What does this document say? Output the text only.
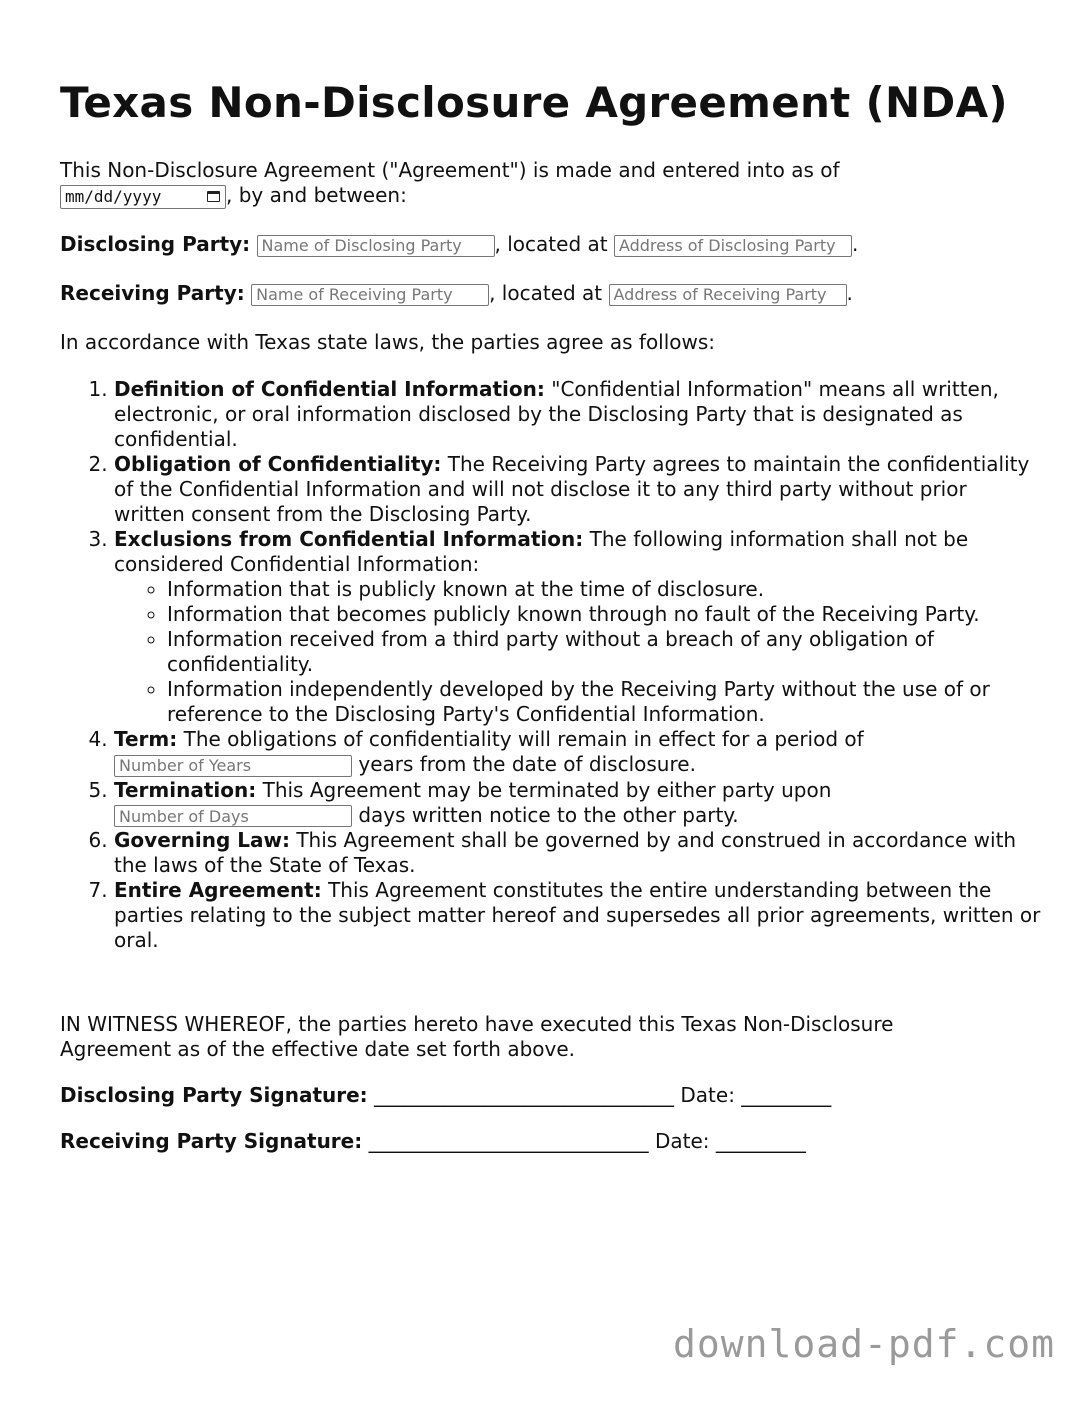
Texas Non-Disclosure Agreement (NDA)
This Non-Disclosure Agreement ("Agreement") is made and entered into as of
mm/dd/yyyy	, by and between:
Disclosing Party: Name of Disclosing Party	, located at Address of Disclosing Party	.
Receiving Party: Name of Receiving Party	, located at Address of Receiving Party	.
In accordance with Texas state laws, the parties agree as follows:
1. Definition of Confidential Information: "Confidential Information" means all written, electronic, or oral information disclosed by the Disclosing Party that is designated as confidential.
2. Obligation of Confidentiality: The Receiving Party agrees to maintain the confidentiality of the Confidential Information and will not disclose it to any third party without prior written consent from the Disclosing Party.
3. Exclusions from Confidential Information: The following information shall not be considered Confidential Information:
◦ Information that is publicly known at the time of disclosure.
◦ Information that becomes publicly known through no fault of the Receiving Party.
◦ Information received from a third party without a breach of any obligation of confidentiality.
◦ Information independently developed by the Receiving Party without the use of or reference to the Disclosing Party's Confidential Information.
4. Term: The obligations of confidentiality will remain in effect for a period of
Number of Years years from the date of disclosure.
5. Termination: This Agreement may be terminated by either party upon
Number of Days days written notice to the other party.
6. Governing Law: This Agreement shall be governed by and construed in accordance with the laws of the State of Texas.
7. Entire Agreement: This Agreement constitutes the entire understanding between the parties relating to the subject matter hereof and supersedes all prior agreements, written or oral.
IN WITNESS WHEREOF, the parties hereto have executed this Texas Non-Disclosure Agreement as of the effective date set forth above.
Disclosing Party Signature: ______________________________ Date: _________
Receiving Party Signature: ____________________________ Date: _________
download-pdf.com
